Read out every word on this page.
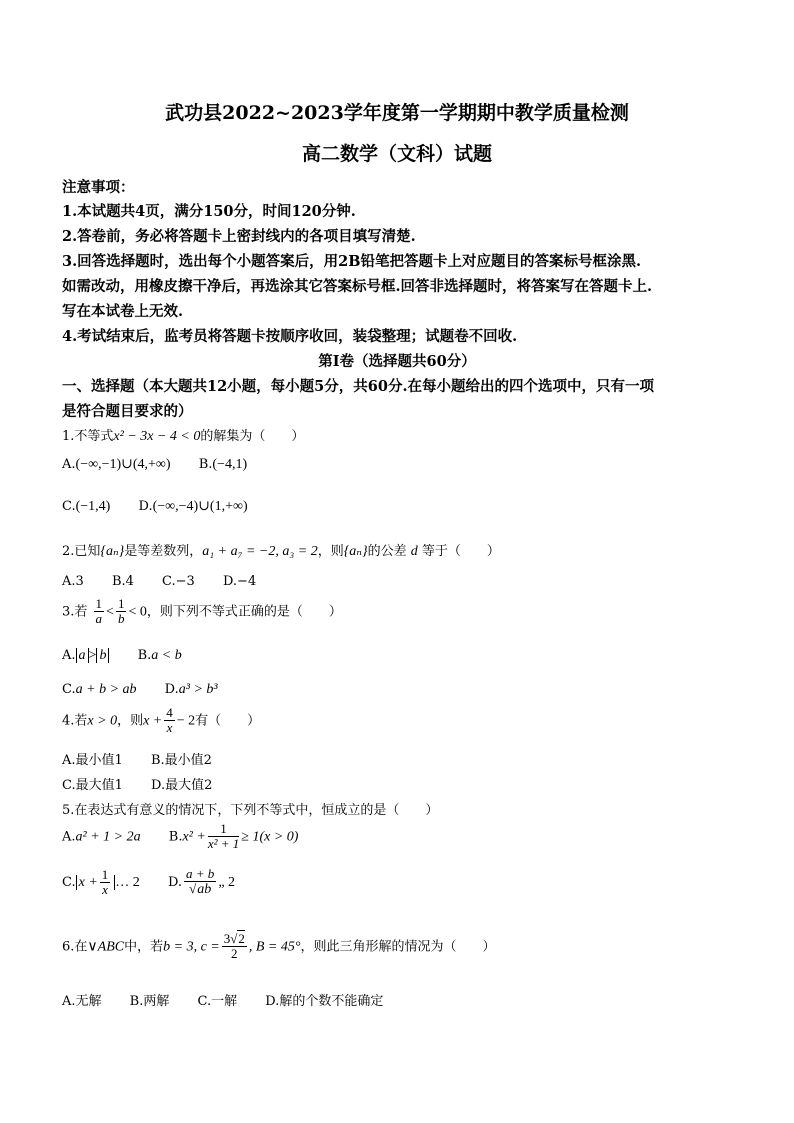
武功县2022~2023学年度第一学期期中教学质量检测
高二数学（文科）试题
注意事项：
1.本试题共4页，满分150分，时间120分钟.
2.答卷前，务必将答题卡上密封线内的各项目填写清楚.
3.回答选择题时，选出每个小题答案后，用2B铅笔把答题卡上对应题目的答案标号框涂黑.
如需改动，用橡皮擦干净后，再选涂其它答案标号框.回答非选择题时，将答案写在答题卡上.
写在本试卷上无效.
4.考试结束后，监考员将答题卡按顺序收回，装袋整理；试题卷不回收.
第Ⅰ卷（选择题共60分）
一、选择题（本大题共12小题，每小题5分，共60分.在每小题给出的四个选项中，只有一项
是符合题目要求的）
1.不等式x² − 3x − 4 < 0的解集为（　　）
A.(−∞,−1)∪(4,+∞) B.(−4,1)
C.(−1,4) D.(−∞,−4)∪(1,+∞)
2.已知{aₙ}是等差数列，a₁ + a₇ = −2, a₃ = 2，则{aₙ}的公差 d 等于（　　）
A.3 B.4 C.−3 D.−4
3.若 $\frac{1}{a} < \frac{1}{b} < 0$，则下列不等式正确的是（　　）
A. a > b B.a < b
C.a + b > ab D.a³ > b³
4.若x > 0，则$x + \frac{4}{x} - 2$有（　　）
A.最小值1 B.最小值2
C.最大值1 D.最大值2
5.在表达式有意义的情况下，下列不等式中，恒成立的是（　　）
A.a² + 1 > 2a $B.x^2 + \frac{1}{\text{x² + 1}} \ge 1(x > 0)$
C. $x + \frac{1}{x}$ … 2 D. $\frac{a + b}{√ab}$ „ 2
6.在∨ABC中，若b = 3, $c = \frac{3√2}{2}$ , B = 45°，则此三角形解的情况为（　　）
A.无解 B.两解 C.一解 D.解的个数不能确定
